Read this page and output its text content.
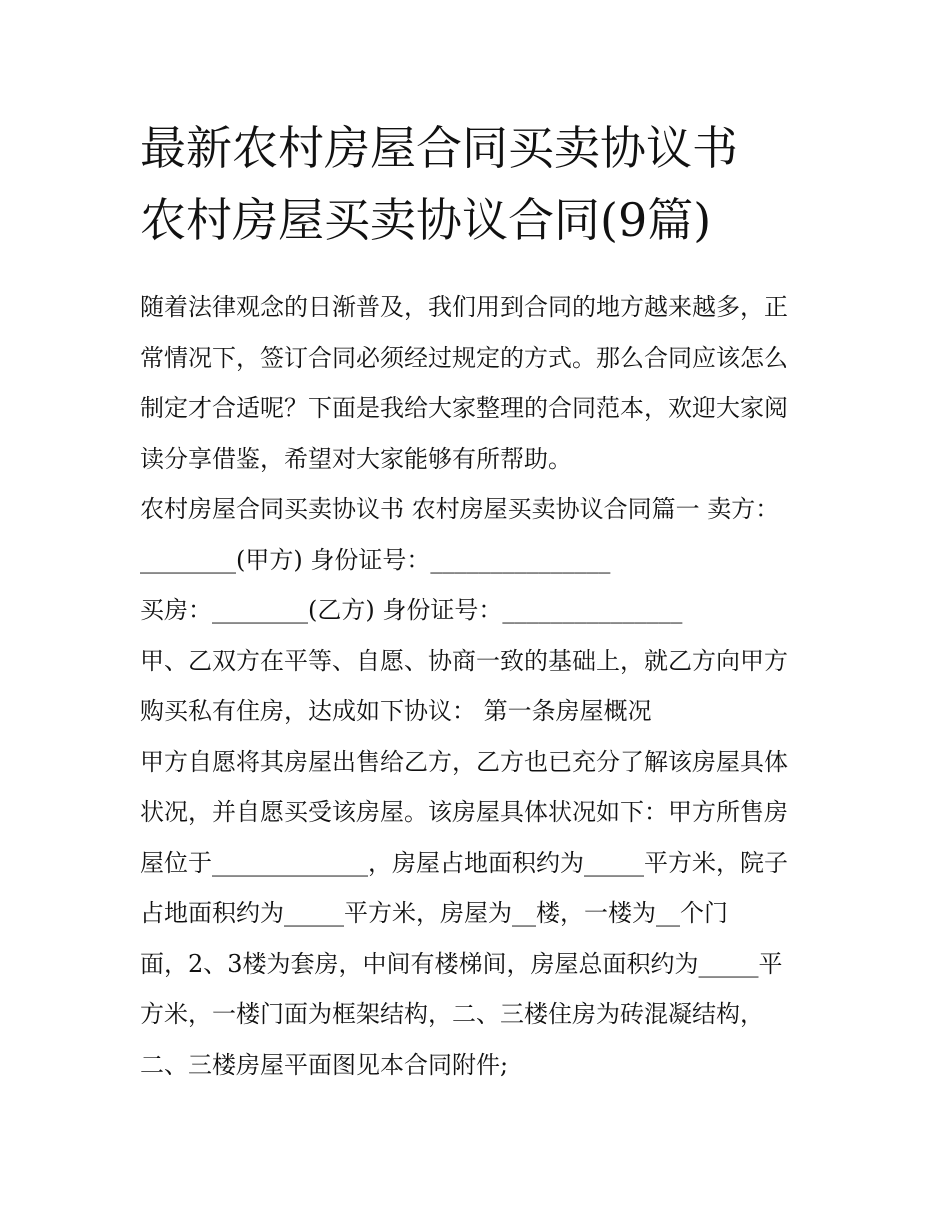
最新农村房屋合同买卖协议书
农村房屋买卖协议合同(9篇)
随着法律观念的日渐普及，我们用到合同的地方越来越多，正
常情况下，签订合同必须经过规定的方式。那么合同应该怎么
制定才合适呢？下面是我给大家整理的合同范本，欢迎大家阅
读分享借鉴，希望对大家能够有所帮助。
农村房屋合同买卖协议书 农村房屋买卖协议合同篇一 卖方：
________(甲方) 身份证号：_______________
买房：________(乙方) 身份证号：_______________
甲、乙双方在平等、自愿、协商一致的基础上，就乙方向甲方
购买私有住房，达成如下协议： 第一条房屋概况
甲方自愿将其房屋出售给乙方，乙方也已充分了解该房屋具体
状况，并自愿买受该房屋。该房屋具体状况如下：甲方所售房
屋位于_____________，房屋占地面积约为_____平方米，院子
占地面积约为_____平方米，房屋为__楼，一楼为__个门
面，2、3楼为套房，中间有楼梯间，房屋总面积约为_____平
方米，一楼门面为框架结构，二、三楼住房为砖混凝结构，
二、三楼房屋平面图见本合同附件;
